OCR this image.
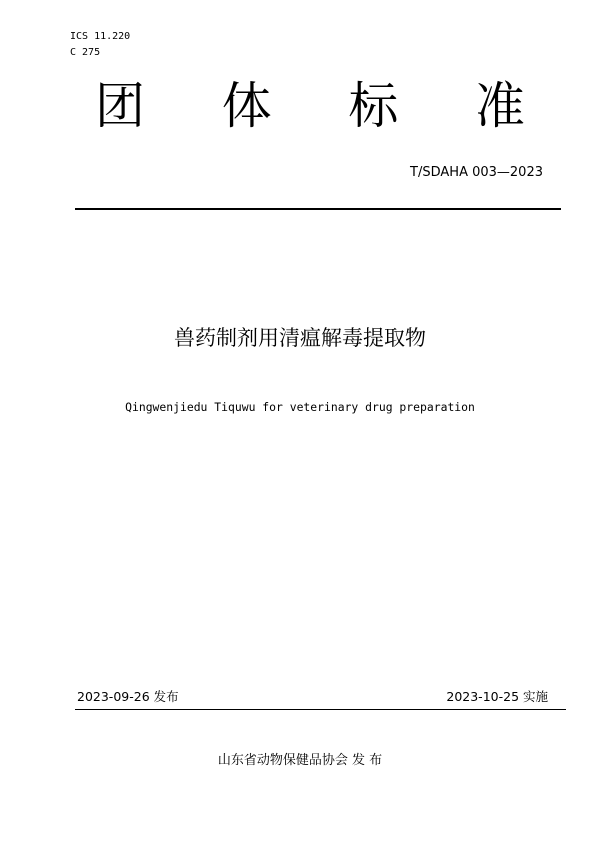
ICS 11.220
C 275
团 体 标 准
T/SDAHA 003—2023
兽药制剂用清瘟解毒提取物
Qingwenjiedu Tiquwu for veterinary drug preparation
2023-09-26 发布	2023-10-25 实施
山东省动物保健品协会 发 布
